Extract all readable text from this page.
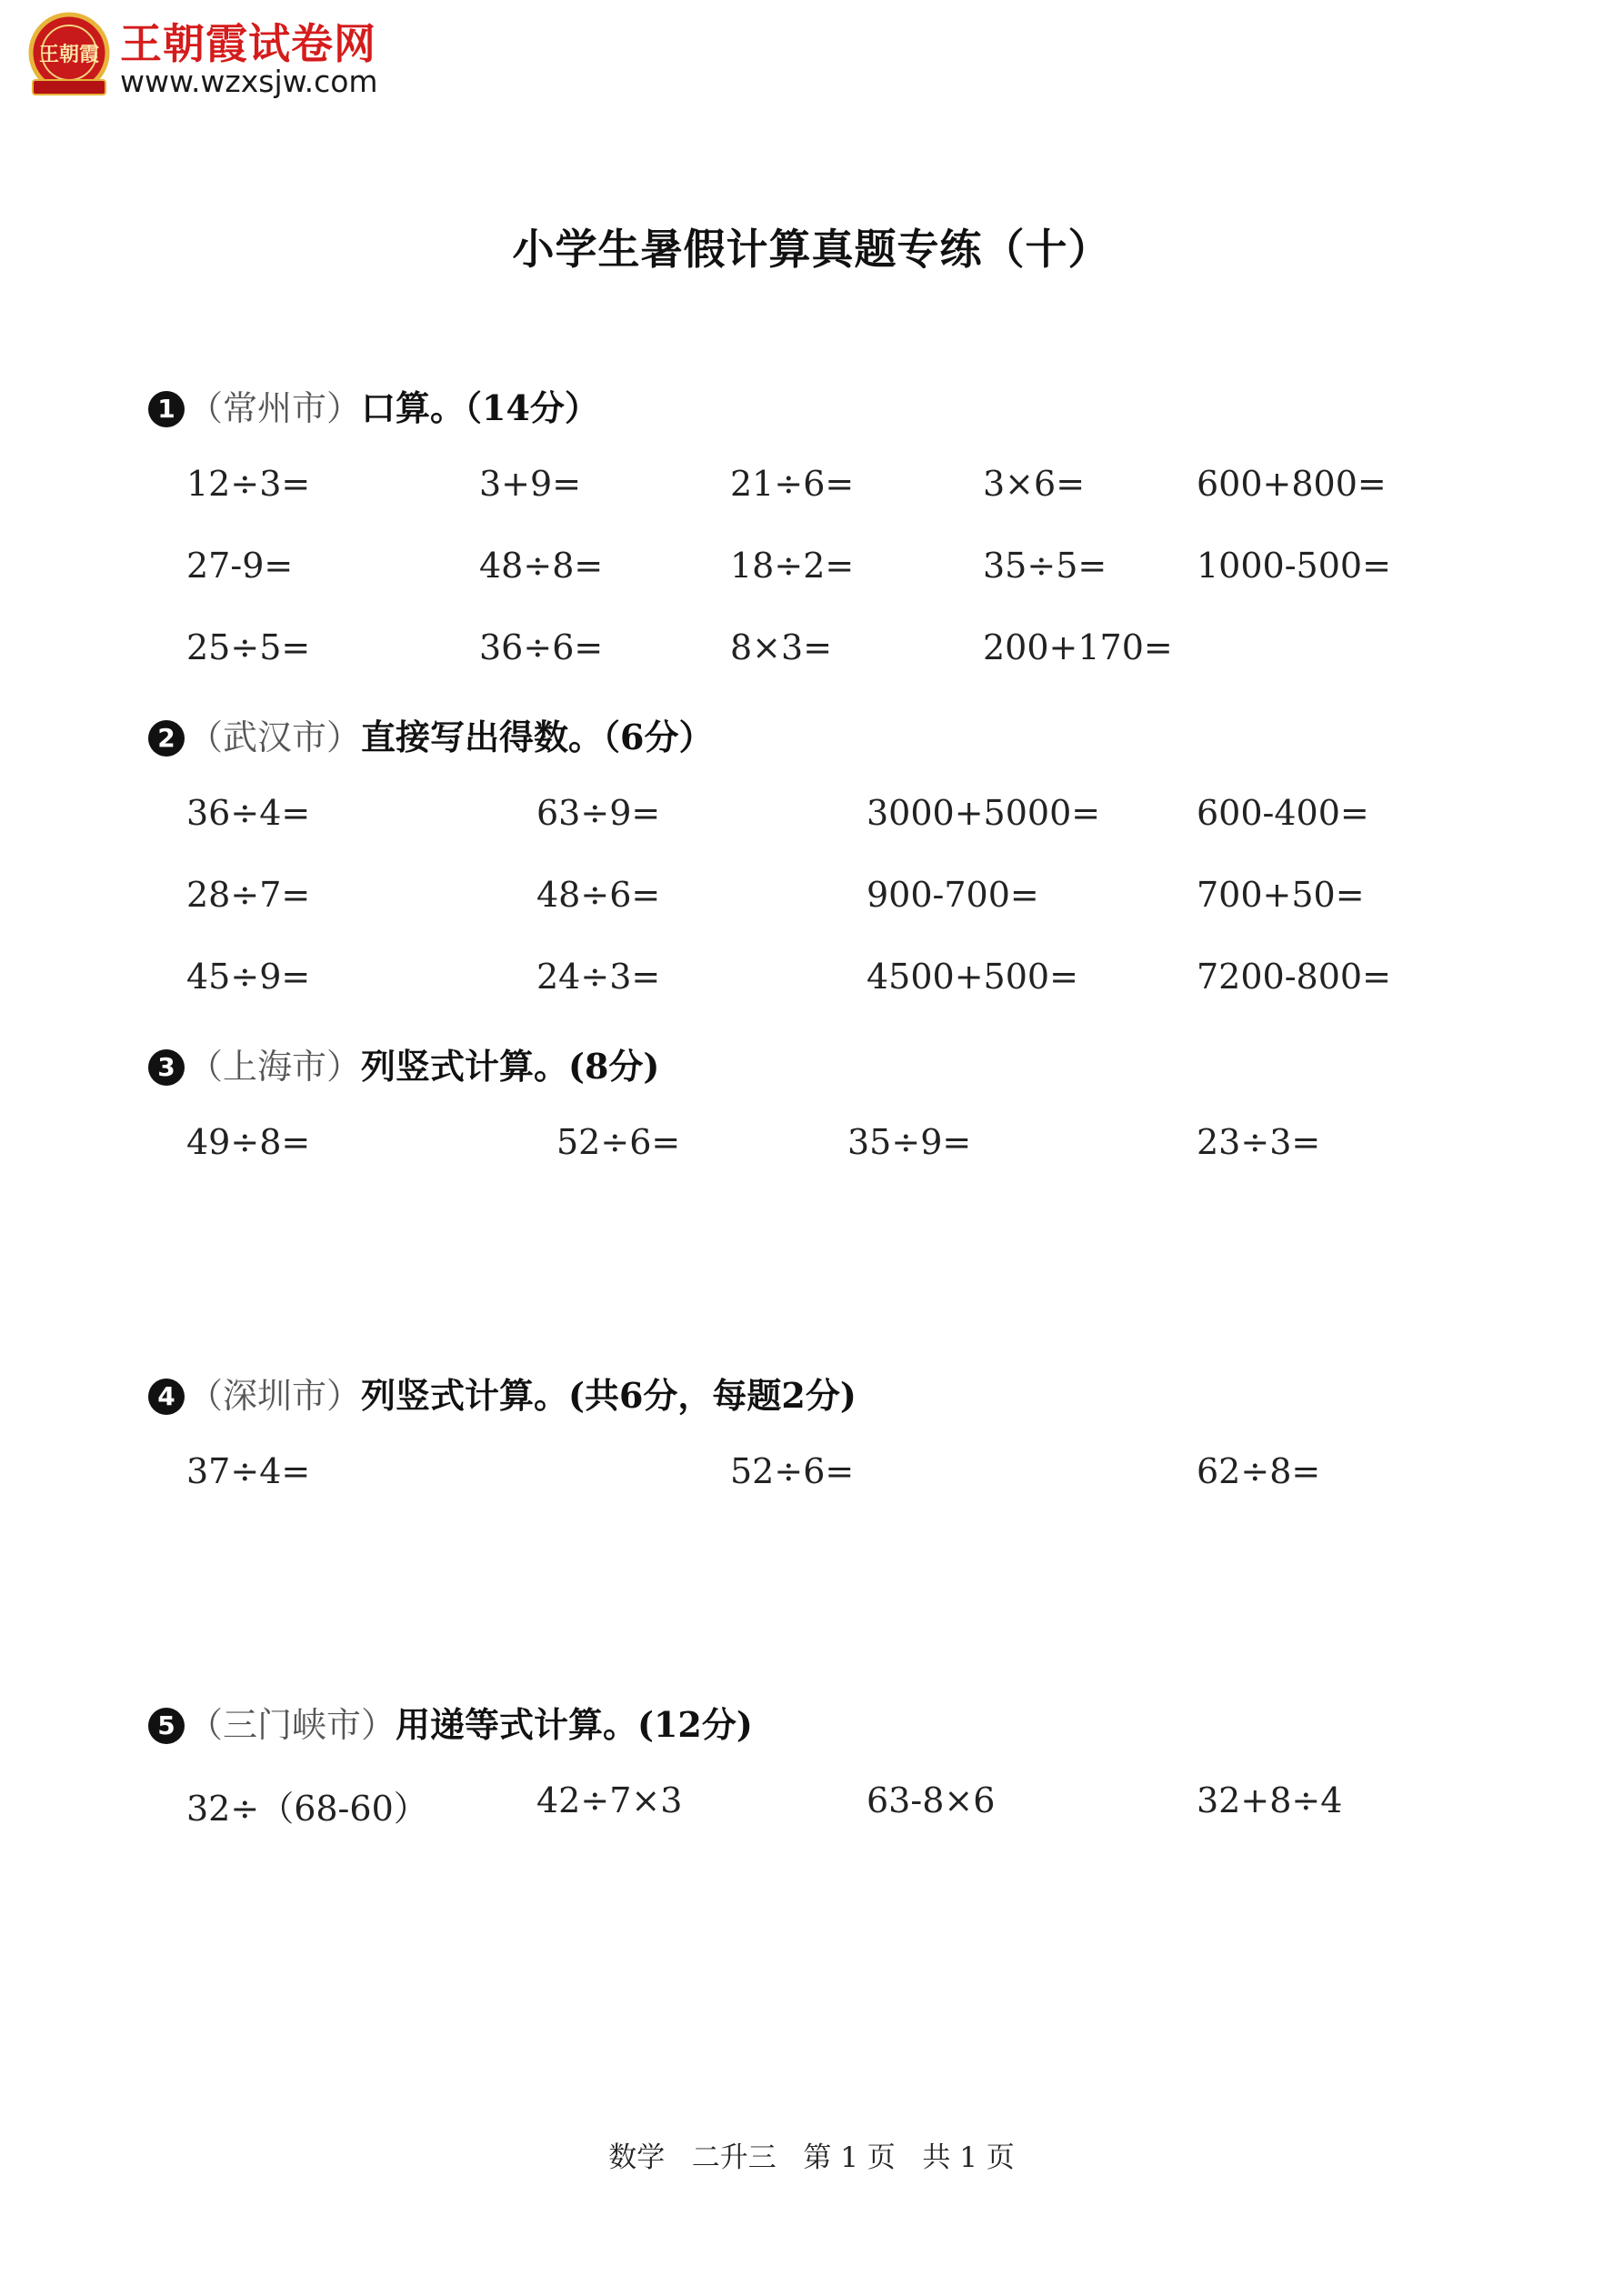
王朝霞 王朝霞试卷网
www.wzxsjw.com
小学生暑假计算真题专练（十）
1 （常州市）口算。（14分）
12÷3=	3+9=	21÷6=	3×6=	600+800=
27-9=	48÷8=	18÷2=	35÷5=	1000-500=
25÷5=	36÷6=	8×3=	200+170=
2 （武汉市）直接写出得数。（6分）
36÷4=	63÷9=	3000+5000=	600-400=
28÷7=	48÷6=	900-700=	700+50=
45÷9=	24÷3=	4500+500=	7200-800=
3 （上海市）列竖式计算。(8分)
49÷8=	52÷6=	35÷9=	23÷3=
4 （深圳市）列竖式计算。(共6分，每题2分)
37÷4=	52÷6=	62÷8=
5 （三门峡市）用递等式计算。(12分)
32÷（68-60）	42÷7×3	63-8×6	32+8÷4
数学   二升三   第 1 页   共 1 页
